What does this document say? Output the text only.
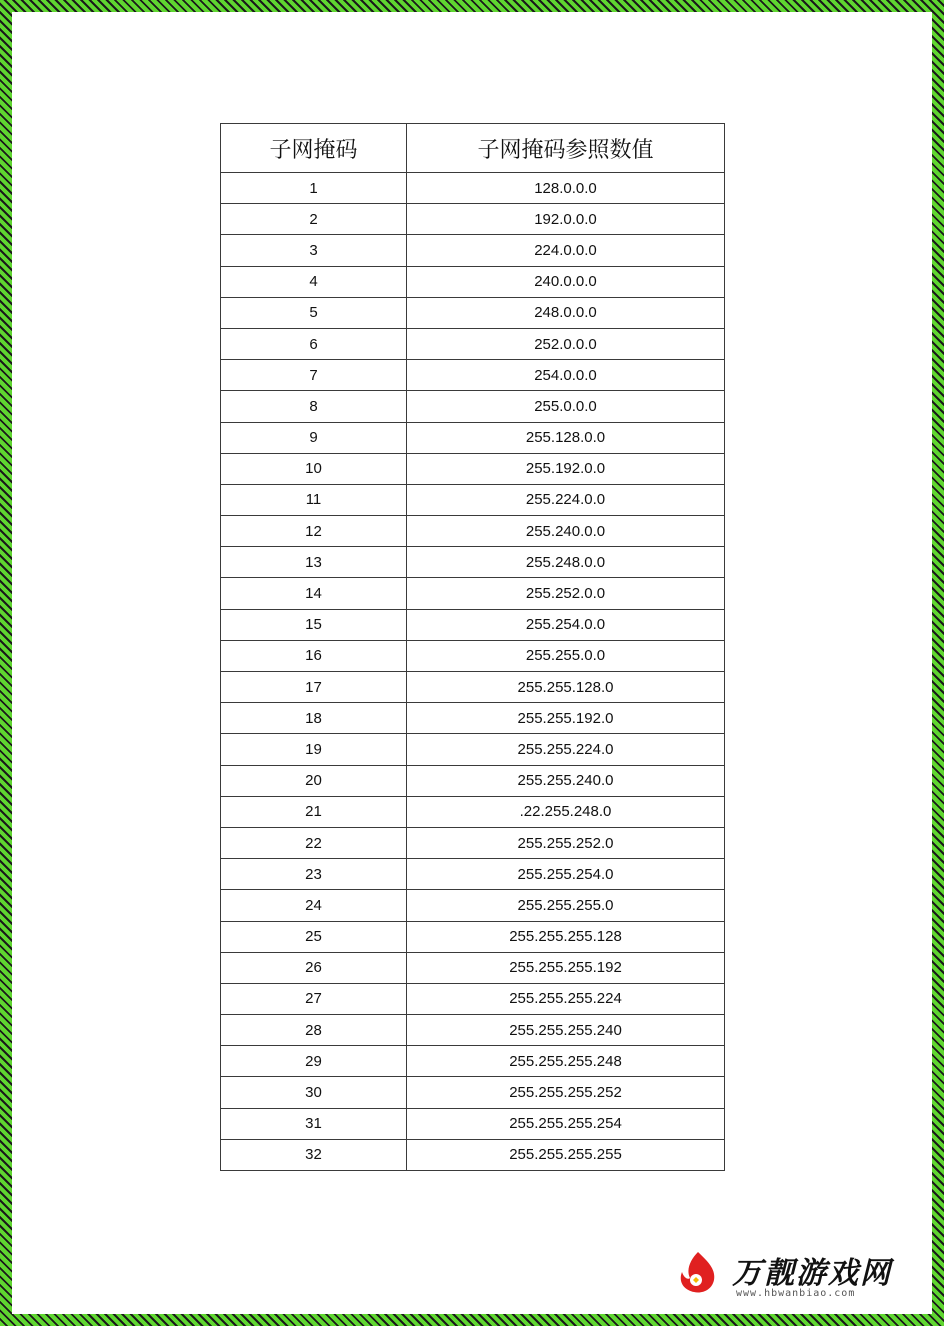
子网掩码	子网掩码参照数值
1	128.0.0.0
2	192.0.0.0
3	224.0.0.0
4	240.0.0.0
5	248.0.0.0
6	252.0.0.0
7	254.0.0.0
8	255.0.0.0
9	255.128.0.0
10	255.192.0.0
11	255.224.0.0
12	255.240.0.0
13	255.248.0.0
14	255.252.0.0
15	255.254.0.0
16	255.255.0.0
17	255.255.128.0
18	255.255.192.0
19	255.255.224.0
20	255.255.240.0
21	.22.255.248.0
22	255.255.252.0
23	255.255.254.0
24	255.255.255.0
25	255.255.255.128
26	255.255.255.192
27	255.255.255.224
28	255.255.255.240
29	255.255.255.248
30	255.255.255.252
31	255.255.255.254
32	255.255.255.255
万靓游戏网
www.hbwanbiao.com
